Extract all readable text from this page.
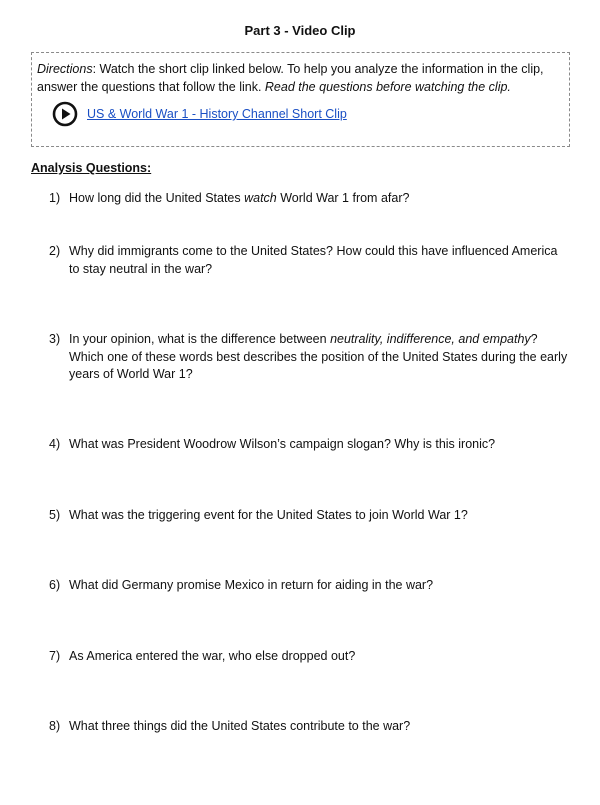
Part 3 - Video Clip
Directions: Watch the short clip linked below. To help you analyze the information in the clip, answer the questions that follow the link. Read the questions before watching the clip.
US & World War 1 - History Channel Short Clip
Analysis Questions:
1) How long did the United States watch World War 1 from afar?
2) Why did immigrants come to the United States? How could this have influenced America to stay neutral in the war?
3) In your opinion, what is the difference between neutrality, indifference, and empathy? Which one of these words best describes the position of the United States during the early years of World War 1?
4) What was President Woodrow Wilson’s campaign slogan? Why is this ironic?
5) What was the triggering event for the United States to join World War 1?
6) What did Germany promise Mexico in return for aiding in the war?
7) As America entered the war, who else dropped out?
8) What three things did the United States contribute to the war?
